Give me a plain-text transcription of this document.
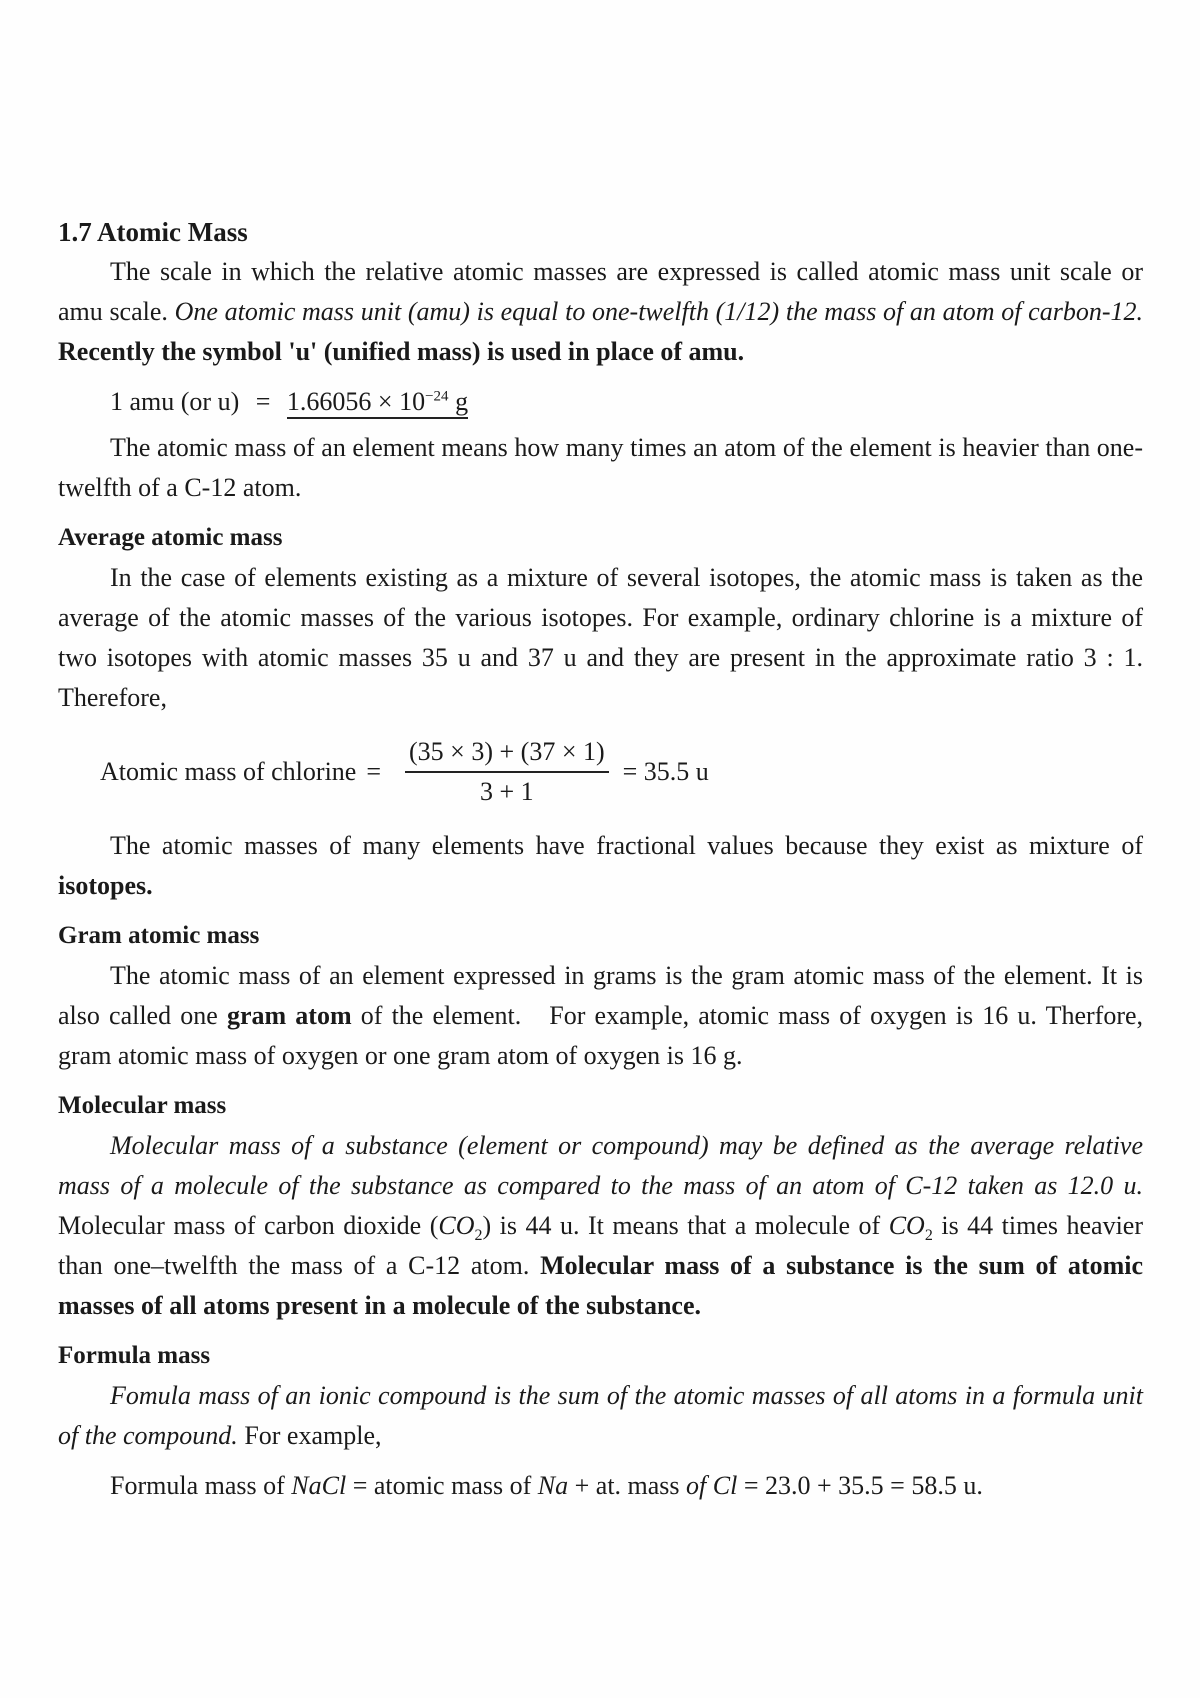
1.7 Atomic Mass

The scale in which the relative atomic masses are expressed is called atomic mass unit scale or amu scale. One atomic mass unit (amu) is equal to one-twelfth (1/12) the mass of an atom of carbon-12. Recently the symbol 'u' (unified mass) is used in place of amu.

1 amu (or $u) = 1.66056 \times 10^{-24}$ g

The atomic mass of an element means how many times an atom of the element is heavier than one-twelfth of a C-12 atom.

Average atomic mass

In the case of elements existing as a mixture of several isotopes, the atomic mass is taken as the average of the atomic masses of the various isotopes. For example, ordinary chlorine is a mixture of two isotopes with atomic masses 35 u and 37 u and they are present in the approximate ratio 3 : 1. Therefore,

Atomic mass of chlorine = $\frac{(35 \times 3) + (37 \times 1)}{3 + 1} = 35.5$ u

The atomic masses of many elements have fractional values because they exist as mixture of isotopes.

Gram atomic mass

The atomic mass of an element expressed in grams is the gram atomic mass of the element. It is also called one gram atom of the element. For example, atomic mass of oxygen is 16 u. Therfore, gram atomic mass of oxygen or one gram atom of oxygen is 16 g.

Molecular mass

Molecular mass of a substance (element or compound) may be defined as the average relative mass of a molecule of the substance as compared to the mass of an atom of C-12 taken as 12.0 u. Molecular mass of carbon dioxide $(CO_2)$ is 44 u. It means that a molecule of $CO_2$ is 44 times heavier than one–twelfth the mass of a C-12 atom. Molecular mass of a substance is the sum of atomic masses of all atoms present in a molecule of the substance.

Formula mass

Fomula mass of an ionic compound is the sum of the atomic masses of all atoms in a formula unit of the compound. For example,

Formula mass of NaCl = atomic mass of Na + at. mass of Cl = 23.0 + 35.5 = 58.5 u.
